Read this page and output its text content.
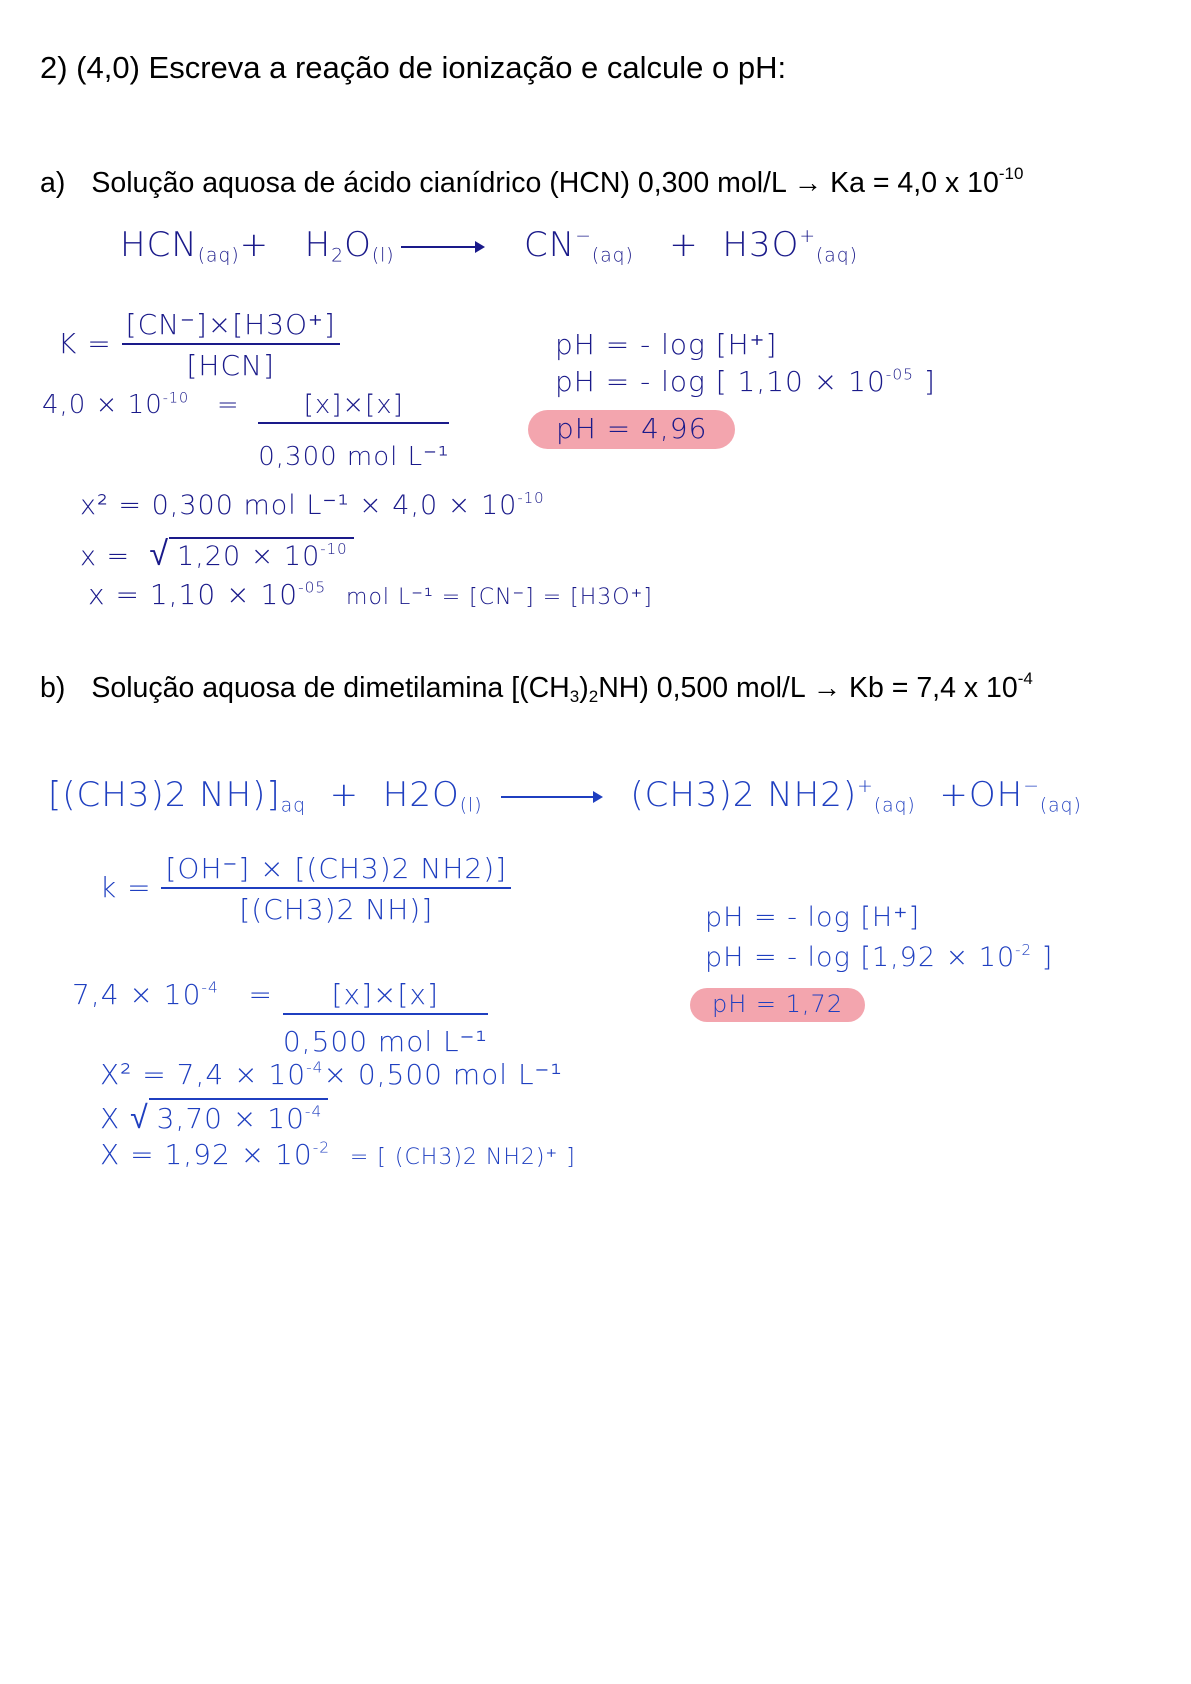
2) (4,0) Escreva a reação de ionização e calcule o pH:
a) Solução aquosa de ácido cianídrico (HCN) 0,300 mol/L → Ka = 4,0 x $10^{-10}$
$HCN_{(aq)}+ H_2O_{(l)}$	$CN^-_{(aq)} + H3O^+_{(aq)}$
$K = \frac{[CN^-]\times[H3O^+]}{\text{[HCN]}}$
$4,0 \times 10^{-10} = \frac{[x]\times[x]}{\text{0,300 mol L⁻¹}}$
x² = 0,300 mol $L^{-1} \times 4,0 \times 10^{-10}$
x = √ $1,20 \times 10^{-10}$
$x = 1,10 \times 10^{-05}$ mol L⁻¹ = [CN⁻] = [H3O⁺]
pH = - log [H⁺]
pH = - log [ $1,10 \times 10^{-05}$ ]
pH = 4,96
b) Solução aquosa de dimetilamina $[(CH_3)_2NH)$ 0,500 mol/L → Kb = 7,4 x $10^{-4}$
[(CH3)2 $NH)]_{aq} + H2O_{(l)}$	(CH3)2 $NH2)^+_{(aq)} +OH^-_{(aq)}$
$k = \frac{[OH^-] \times [(CH3)2 NH2)]}{[(CH3)2 NH)]}$
$7,4 \times 10^{-4} = \frac{[x]\times[x]}{\text{0,500 mol L⁻¹}}$
$X^2 = 7,4 \times 10^{-4}\times 0,500$ mol L⁻¹
X √ $3,70 \times 10^{-4}$
$X = 1,92 \times 10^{-2}$ = [ (CH3)2 NH2)⁺ ]
pH = - log [H⁺]
pH = - $\log [1,92 \times 10^{-2}$ ]
pH = 1,72
